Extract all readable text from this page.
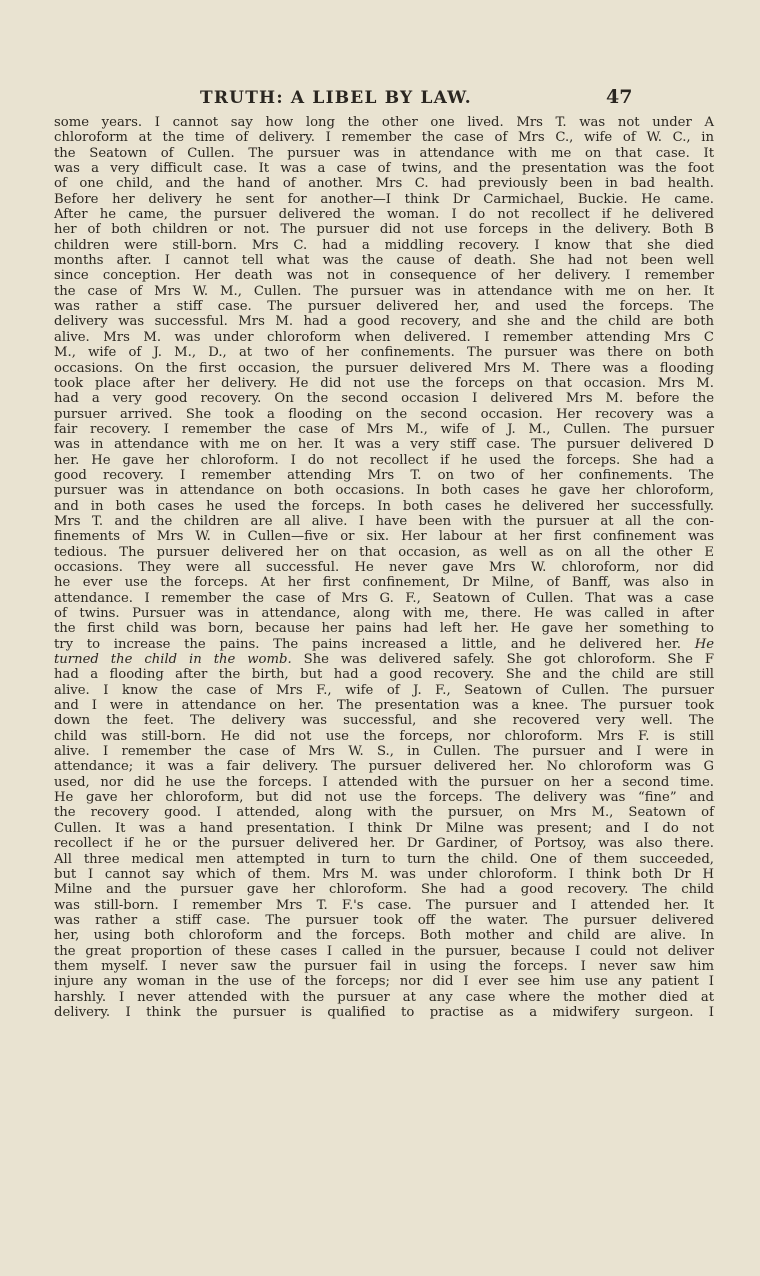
TRUTH: A LIBEL BY LAW.	47
some years. I cannot say how long the other one lived. Mrs T. was not under A
chloroform at the time of delivery. I remember the case of Mrs C., wife of W. C., in
the Seatown of Cullen. The pursuer was in attendance with me on that case. It
was a very difficult case. It was a case of twins, and the presentation was the foot
of one child, and the hand of another. Mrs C. had previously been in bad health.
Before her delivery he sent for another—I think Dr Carmichael, Buckie. He came.
After he came, the pursuer delivered the woman. I do not recollect if he delivered
her of both children or not. The pursuer did not use forceps in the delivery. Both B
children were still-born. Mrs C. had a middling recovery. I know that she died
months after. I cannot tell what was the cause of death. She had not been well
since conception. Her death was not in consequence of her delivery. I remember
the case of Mrs W. M., Cullen. The pursuer was in attendance with me on her. It
was rather a stiff case. The pursuer delivered her, and used the forceps. The
delivery was successful. Mrs M. had a good recovery, and she and the child are both
alive. Mrs M. was under chloroform when delivered. I remember attending Mrs C
M., wife of J. M., D., at two of her confinements. The pursuer was there on both
occasions. On the first occasion, the pursuer delivered Mrs M. There was a flooding
took place after her delivery. He did not use the forceps on that occasion. Mrs M.
had a very good recovery. On the second occasion I delivered Mrs M. before the
pursuer arrived. She took a flooding on the second occasion. Her recovery was a
fair recovery. I remember the case of Mrs M., wife of J. M., Cullen. The pursuer
was in attendance with me on her. It was a very stiff case. The pursuer delivered D
her. He gave her chloroform. I do not recollect if he used the forceps. She had a
good recovery. I remember attending Mrs T. on two of her confinements. The
pursuer was in attendance on both occasions. In both cases he gave her chloroform,
and in both cases he used the forceps. In both cases he delivered her successfully.
Mrs T. and the children are all alive. I have been with the pursuer at all the con-
finements of Mrs W. in Cullen—five or six. Her labour at her first confinement was
tedious. The pursuer delivered her on that occasion, as well as on all the other E
occasions. They were all successful. He never gave Mrs W. chloroform, nor did
he ever use the forceps. At her first confinement, Dr Milne, of Banff, was also in
attendance. I remember the case of Mrs G. F., Seatown of Cullen. That was a case
of twins. Pursuer was in attendance, along with me, there. He was called in after
the first child was born, because her pains had left her. He gave her something to
try to increase the pains. The pains increased a little, and he delivered her. He
turned the child in the womb. She was delivered safely. She got chloroform. She F
had a flooding after the birth, but had a good recovery. She and the child are still
alive. I know the case of Mrs F., wife of J. F., Seatown of Cullen. The pursuer
and I were in attendance on her. The presentation was a knee. The pursuer took
down the feet. The delivery was successful, and she recovered very well. The
child was still-born. He did not use the forceps, nor chloroform. Mrs F. is still
alive. I remember the case of Mrs W. S., in Cullen. The pursuer and I were in
attendance; it was a fair delivery. The pursuer delivered her. No chloroform was G
used, nor did he use the forceps. I attended with the pursuer on her a second time.
He gave her chloroform, but did not use the forceps. The delivery was “fine” and
the recovery good. I attended, along with the pursuer, on Mrs M., Seatown of
Cullen. It was a hand presentation. I think Dr Milne was present; and I do not
recollect if he or the pursuer delivered her. Dr Gardiner, of Portsoy, was also there.
All three medical men attempted in turn to turn the child. One of them succeeded,
but I cannot say which of them. Mrs M. was under chloroform. I think both Dr H
Milne and the pursuer gave her chloroform. She had a good recovery. The child
was still-born. I remember Mrs T. F.'s case. The pursuer and I attended her. It
was rather a stiff case. The pursuer took off the water. The pursuer delivered
her, using both chloroform and the forceps. Both mother and child are alive. In
the great proportion of these cases I called in the pursuer, because I could not deliver
them myself. I never saw the pursuer fail in using the forceps. I never saw him
injure any woman in the use of the forceps; nor did I ever see him use any patient I
harshly. I never attended with the pursuer at any case where the mother died at
delivery. I think the pursuer is qualified to practise as a midwifery surgeon. I
